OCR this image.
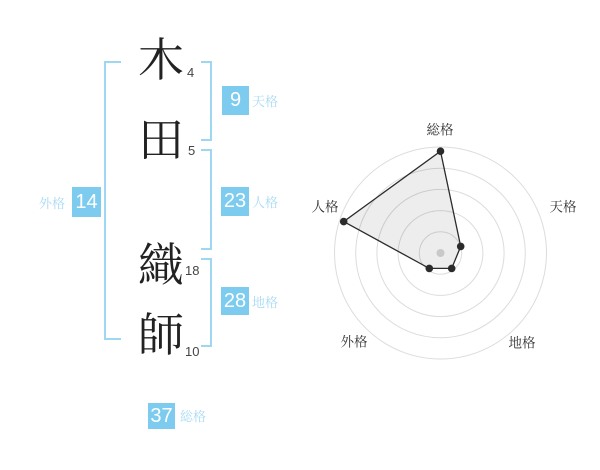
木
田
織
師
4
5
18
10
9 天格
23 人格
28 地格
外格 14
37 総格
総格
天格
地格
外格
人格
